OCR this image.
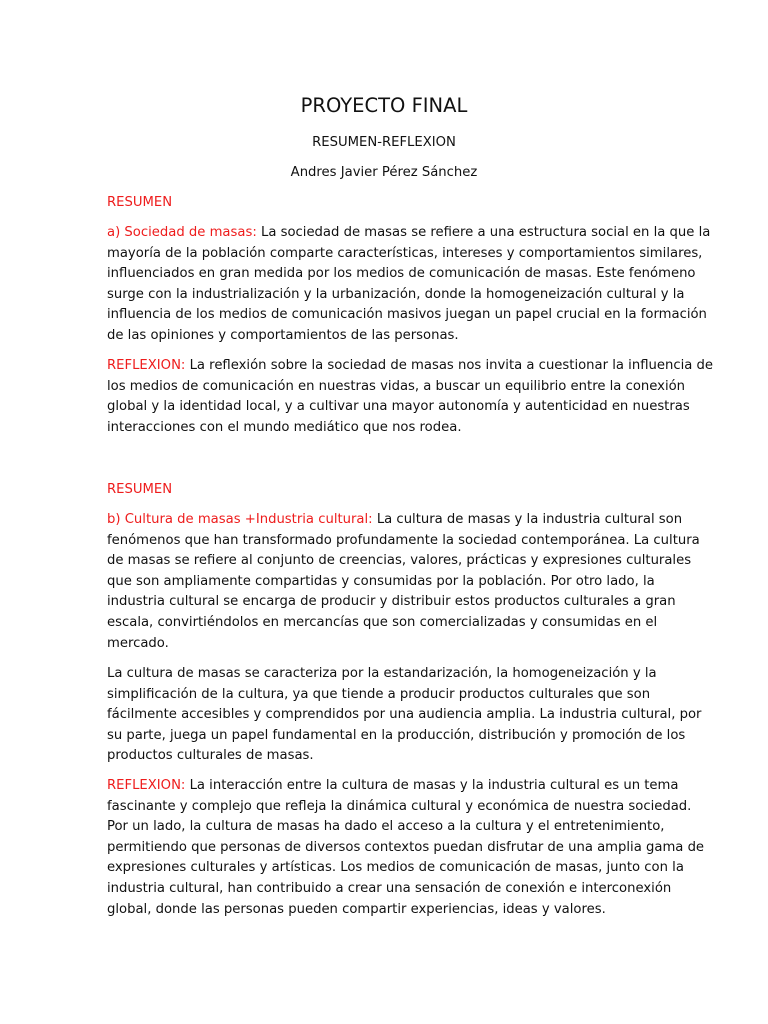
PROYECTO FINAL
RESUMEN-REFLEXION
Andres Javier Pérez Sánchez
RESUMEN
a) Sociedad de masas: La sociedad de masas se refiere a una estructura social en la que la
mayoría de la población comparte características, intereses y comportamientos similares,
influenciados en gran medida por los medios de comunicación de masas. Este fenómeno
surge con la industrialización y la urbanización, donde la homogeneización cultural y la
influencia de los medios de comunicación masivos juegan un papel crucial en la formación
de las opiniones y comportamientos de las personas.
REFLEXION: La reflexión sobre la sociedad de masas nos invita a cuestionar la influencia de
los medios de comunicación en nuestras vidas, a buscar un equilibrio entre la conexión
global y la identidad local, y a cultivar una mayor autonomía y autenticidad en nuestras
interacciones con el mundo mediático que nos rodea.
RESUMEN
b) Cultura de masas +Industria cultural: La cultura de masas y la industria cultural son
fenómenos que han transformado profundamente la sociedad contemporánea. La cultura
de masas se refiere al conjunto de creencias, valores, prácticas y expresiones culturales
que son ampliamente compartidas y consumidas por la población. Por otro lado, la
industria cultural se encarga de producir y distribuir estos productos culturales a gran
escala, convirtiéndolos en mercancías que son comercializadas y consumidas en el
mercado.
La cultura de masas se caracteriza por la estandarización, la homogeneización y la
simplificación de la cultura, ya que tiende a producir productos culturales que son
fácilmente accesibles y comprendidos por una audiencia amplia. La industria cultural, por
su parte, juega un papel fundamental en la producción, distribución y promoción de los
productos culturales de masas.
REFLEXION: La interacción entre la cultura de masas y la industria cultural es un tema
fascinante y complejo que refleja la dinámica cultural y económica de nuestra sociedad.
Por un lado, la cultura de masas ha dado el acceso a la cultura y el entretenimiento,
permitiendo que personas de diversos contextos puedan disfrutar de una amplia gama de
expresiones culturales y artísticas. Los medios de comunicación de masas, junto con la
industria cultural, han contribuido a crear una sensación de conexión e interconexión
global, donde las personas pueden compartir experiencias, ideas y valores.
